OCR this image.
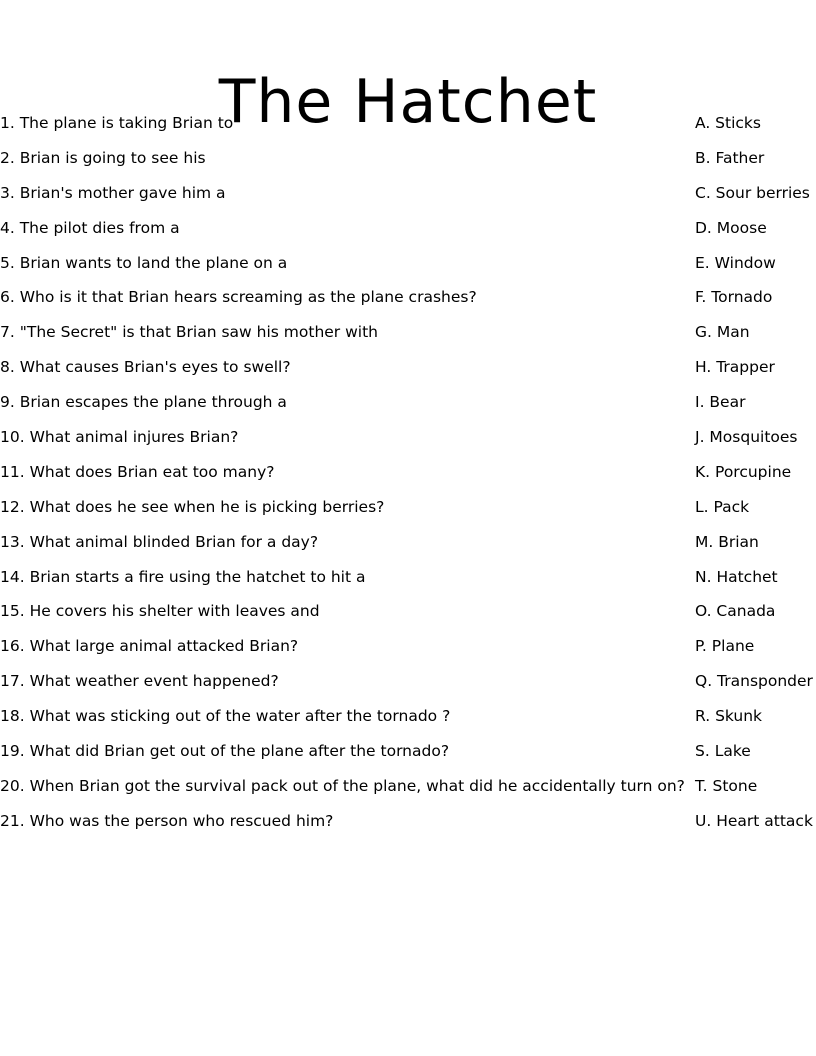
The Hatchet
1. The plane is taking Brian to	A. Sticks
2. Brian is going to see his	B. Father
3. Brian's mother gave him a	C. Sour berries
4. The pilot dies from a	D. Moose
5. Brian wants to land the plane on a	E. Window
6. Who is it that Brian hears screaming as the plane crashes?	F. Tornado
7. "The Secret" is that Brian saw his mother with	G. Man
8. What causes Brian's eyes to swell?	H. Trapper
9. Brian escapes the plane through a	I. Bear
10. What animal injures Brian?	J. Mosquitoes
11. What does Brian eat too many?	K. Porcupine
12. What does he see when he is picking berries?	L. Pack
13. What animal blinded Brian for a day?	M. Brian
14. Brian starts a fire using the hatchet to hit a	N. Hatchet
15. He covers his shelter with leaves and	O. Canada
16. What large animal attacked Brian?	P. Plane
17. What weather event happened?	Q. Transponder
18. What was sticking out of the water after the tornado ?	R. Skunk
19. What did Brian get out of the plane after the tornado?	S. Lake
20. When Brian got the survival pack out of the plane, what did he accidentally turn on? T. Stone
21. Who was the person who rescued him?	U. Heart attack
